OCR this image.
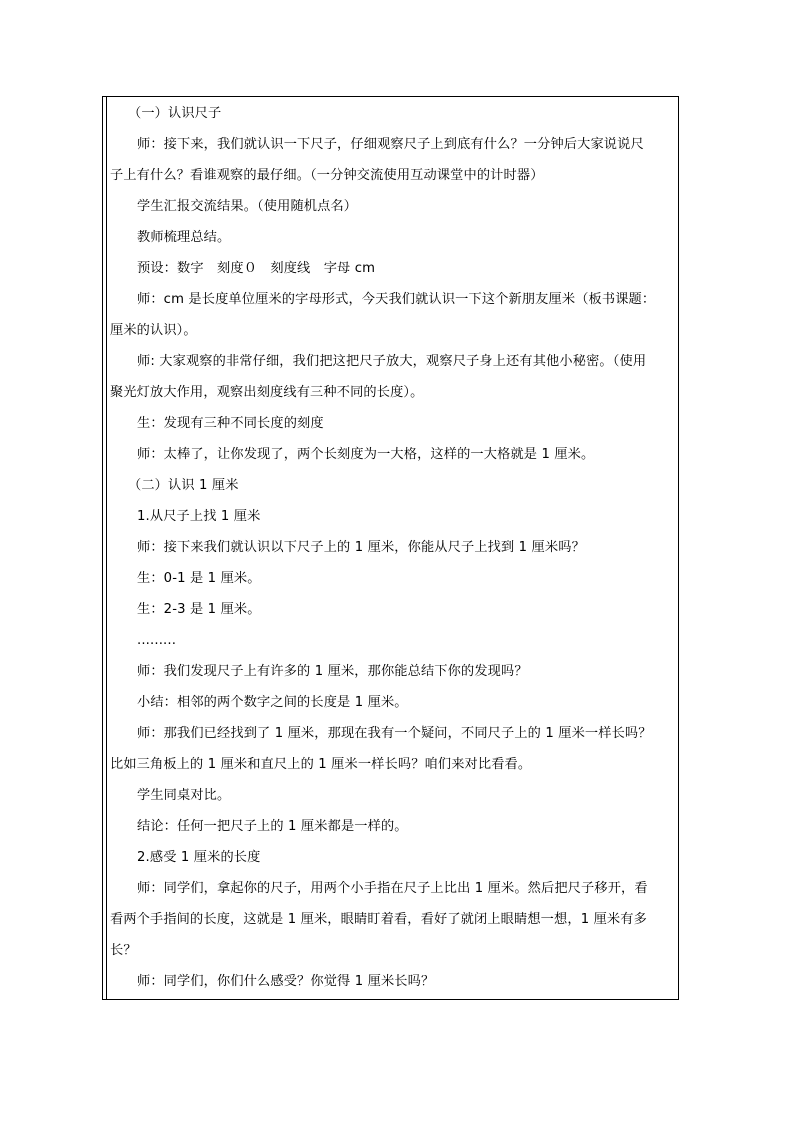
（一）认识尺子
师：接下来，我们就认识一下尺子，仔细观察尺子上到底有什么？一分钟后大家说说尺
子上有什么？看谁观察的最仔细。（一分钟交流使用互动课堂中的计时器）
学生汇报交流结果。（使用随机点名）
教师梳理总结。
预设：数字　刻度０　刻度线　字母 cm
师：cm 是长度单位厘米的字母形式，今天我们就认识一下这个新朋友厘米（板书课题：
厘米的认识）。
师: 大家观察的非常仔细，我们把这把尺子放大，观察尺子身上还有其他小秘密。（使用
聚光灯放大作用，观察出刻度线有三种不同的长度）。
生：发现有三种不同长度的刻度
师：太棒了，让你发现了，两个长刻度为一大格，这样的一大格就是 1 厘米。
（二）认识 1 厘米
1.从尺子上找 1 厘米
师：接下来我们就认识以下尺子上的 1 厘米，你能从尺子上找到 1 厘米吗？
生：0-1 是 1 厘米。
生：2-3 是 1 厘米。
.........
师：我们发现尺子上有许多的 1 厘米，那你能总结下你的发现吗？
小结：相邻的两个数字之间的长度是 1 厘米。
师：那我们已经找到了 1 厘米，那现在我有一个疑问，不同尺子上的 1 厘米一样长吗？
比如三角板上的 1 厘米和直尺上的 1 厘米一样长吗？咱们来对比看看。
学生同桌对比。
结论：任何一把尺子上的 1 厘米都是一样的。
2.感受 1 厘米的长度
师：同学们，拿起你的尺子，用两个小手指在尺子上比出 1 厘米。然后把尺子移开，看
看两个手指间的长度，这就是 1 厘米，眼睛盯着看，看好了就闭上眼睛想一想，1 厘米有多
长？
师：同学们，你们什么感受？你觉得 1 厘米长吗？
